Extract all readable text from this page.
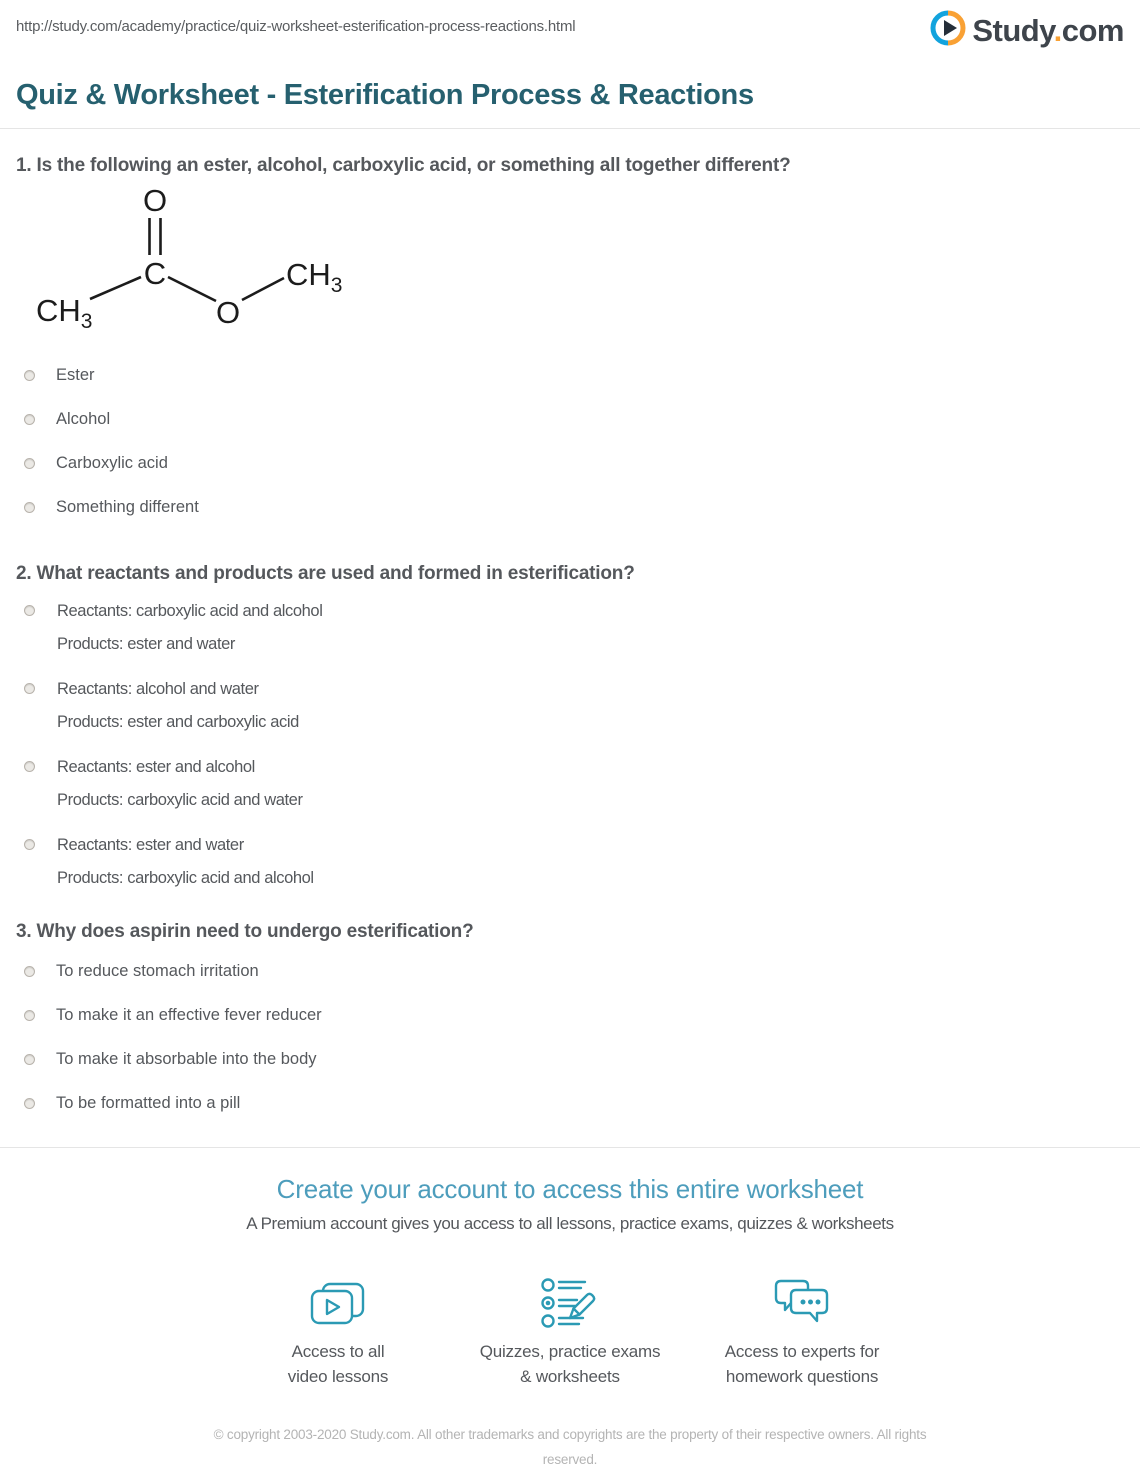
http://study.com/academy/practice/quiz-worksheet-esterification-process-reactions.html	Study.com
Quiz & Worksheet - Esterification Process & Reactions
1. Is the following an ester, alcohol, carboxylic acid, or something all together different?
O
C
$CH_3$	O
$CH_3$
Ester
Alcohol
Carboxylic acid
Something different
2. What reactants and products are used and formed in esterification?
Reactants: carboxylic acid and alcohol
Products: ester and water
Reactants: alcohol and water
Products: ester and carboxylic acid
Reactants: ester and alcohol
Products: carboxylic acid and water
Reactants: ester and water
Products: carboxylic acid and alcohol
3. Why does aspirin need to undergo esterification?
To reduce stomach irritation
To make it an effective fever reducer
To make it absorbable into the body
To be formatted into a pill
Create your account to access this entire worksheet

A Premium account gives you access to all lessons, practice exams, quizzes & worksheets

Access to all
video lessons
Quizzes, practice exams
& worksheets
Access to experts for
homework questions

© copyright 2003-2020 Study.com. All other trademarks and copyrights are the property of their respective owners. All rights reserved.
